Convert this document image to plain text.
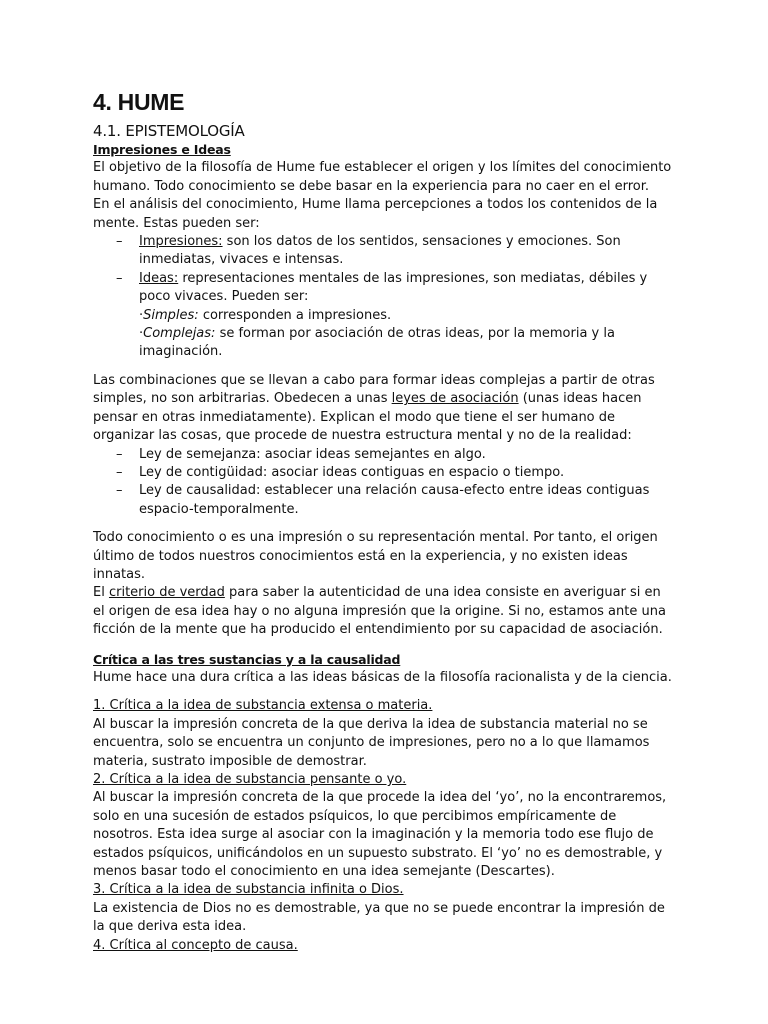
4. HUME
4.1. EPISTEMOLOGÍA
Impresiones e Ideas

El objetivo de la filosofía de Hume fue establecer el origen y los límites del conocimiento humano. Todo conocimiento se debe basar en la experiencia para no caer en el error.

En el análisis del conocimiento, Hume llama percepciones a todos los contenidos de la mente. Estas pueden ser:

– Impresiones: son los datos de los sentidos, sensaciones y emociones. Son inmediatas, vivaces e intensas.
– Ideas: representaciones mentales de las impresiones, son mediatas, débiles y poco vivaces. Pueden ser:
·Simples: corresponden a impresiones.
·Complejas: se forman por asociación de otras ideas, por la memoria y la imaginación.

Las combinaciones que se llevan a cabo para formar ideas complejas a partir de otras simples, no son arbitrarias. Obedecen a unas leyes de asociación (unas ideas hacen pensar en otras inmediatamente). Explican el modo que tiene el ser humano de organizar las cosas, que procede de nuestra estructura mental y no de la realidad:

– Ley de semejanza: asociar ideas semejantes en algo.
– Ley de contigüidad: asociar ideas contiguas en espacio o tiempo.
– Ley de causalidad: establecer una relación causa-efecto entre ideas contiguas espacio-temporalmente.

Todo conocimiento o es una impresión o su representación mental. Por tanto, el origen último de todos nuestros conocimientos está en la experiencia, y no existen ideas innatas.

El criterio de verdad para saber la autenticidad de una idea consiste en averiguar si en el origen de esa idea hay o no alguna impresión que la origine. Si no, estamos ante una ficción de la mente que ha producido el entendimiento por su capacidad de asociación.

Crítica a las tres sustancias y a la causalidad

Hume hace una dura crítica a las ideas básicas de la filosofía racionalista y de la ciencia.

1. Crítica a la idea de substancia extensa o materia.

Al buscar la impresión concreta de la que deriva la idea de substancia material no se encuentra, solo se encuentra un conjunto de impresiones, pero no a lo que llamamos materia, sustrato imposible de demostrar.

2. Crítica a la idea de substancia pensante o yo.

Al buscar la impresión concreta de la que procede la idea del ‘yo’, no la encontraremos, solo en una sucesión de estados psíquicos, lo que percibimos empíricamente de nosotros. Esta idea surge al asociar con la imaginación y la memoria todo ese flujo de estados psíquicos, unificándolos en un supuesto substrato. El ‘yo’ no es demostrable, y menos basar todo el conocimiento en una idea semejante (Descartes).

3. Crítica a la idea de substancia infinita o Dios.

La existencia de Dios no es demostrable, ya que no se puede encontrar la impresión de la que deriva esta idea.

4. Crítica al concepto de causa.
